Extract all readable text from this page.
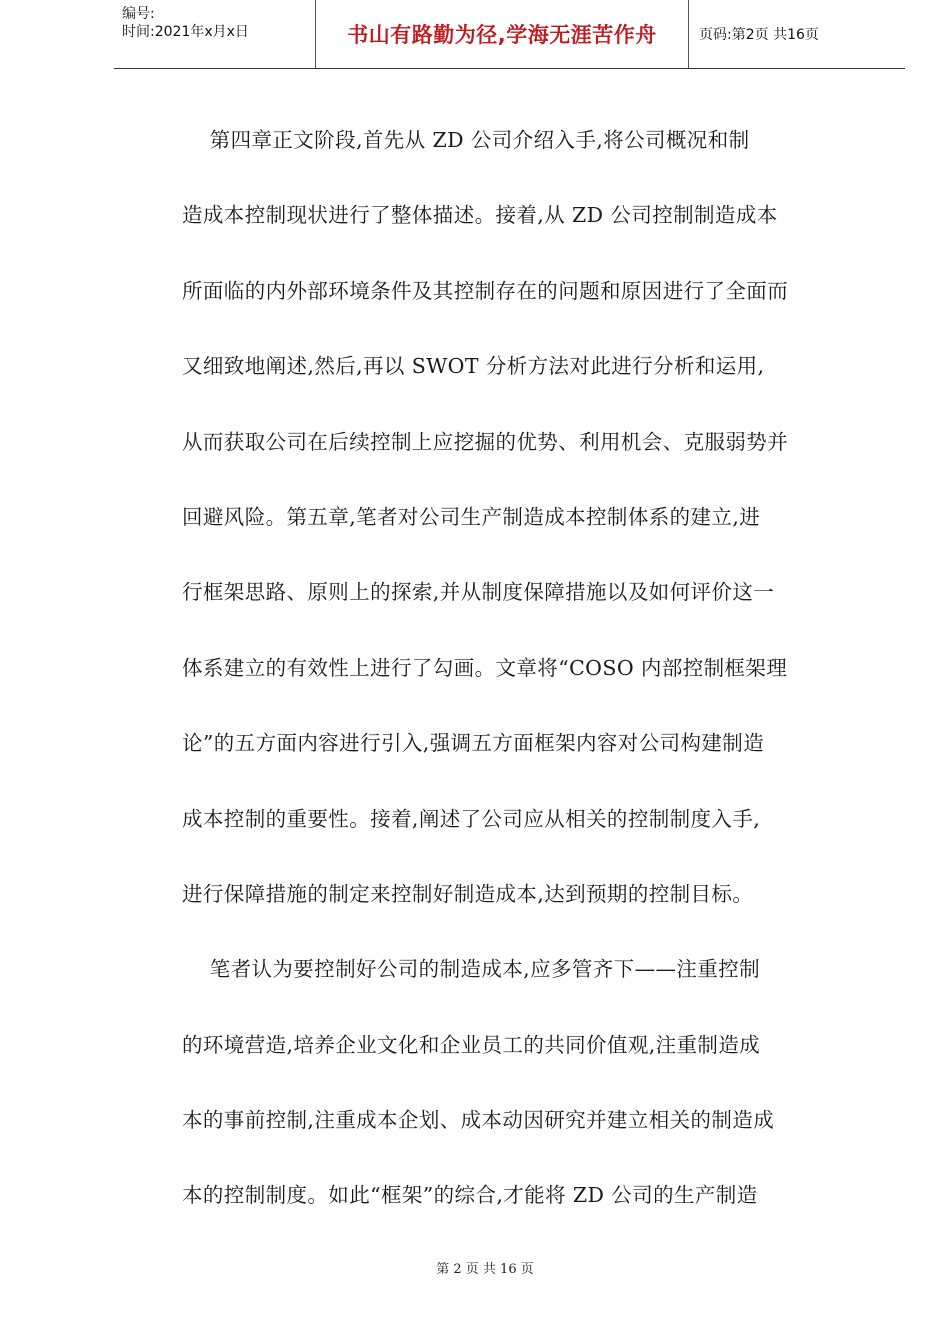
编号:
时间:2021年x月x日	书山有路勤为径,学海无涯苦作舟	页码:第2页 共16页
第四章正文阶段,首先从 ZD 公司介绍入手,将公司概况和制
造成本控制现状进行了整体描述。接着,从 ZD 公司控制制造成本
所面临的内外部环境条件及其控制存在的问题和原因进行了全面而
又细致地阐述,然后,再以 SWOT 分析方法对此进行分析和运用,
从而获取公司在后续控制上应挖掘的优势、利用机会、克服弱势并
回避风险。第五章,笔者对公司生产制造成本控制体系的建立,进
行框架思路、原则上的探索,并从制度保障措施以及如何评价这一
体系建立的有效性上进行了勾画。文章将“COSO 内部控制框架理
论”的五方面内容进行引入,强调五方面框架内容对公司构建制造
成本控制的重要性。接着,阐述了公司应从相关的控制制度入手,
进行保障措施的制定来控制好制造成本,达到预期的控制目标。
笔者认为要控制好公司的制造成本,应多管齐下——注重控制
的环境营造,培养企业文化和企业员工的共同价值观,注重制造成
本的事前控制,注重成本企划、成本动因研究并建立相关的制造成
本的控制制度。如此“框架”的综合,才能将 ZD 公司的生产制造
第 2 页 共 16 页
